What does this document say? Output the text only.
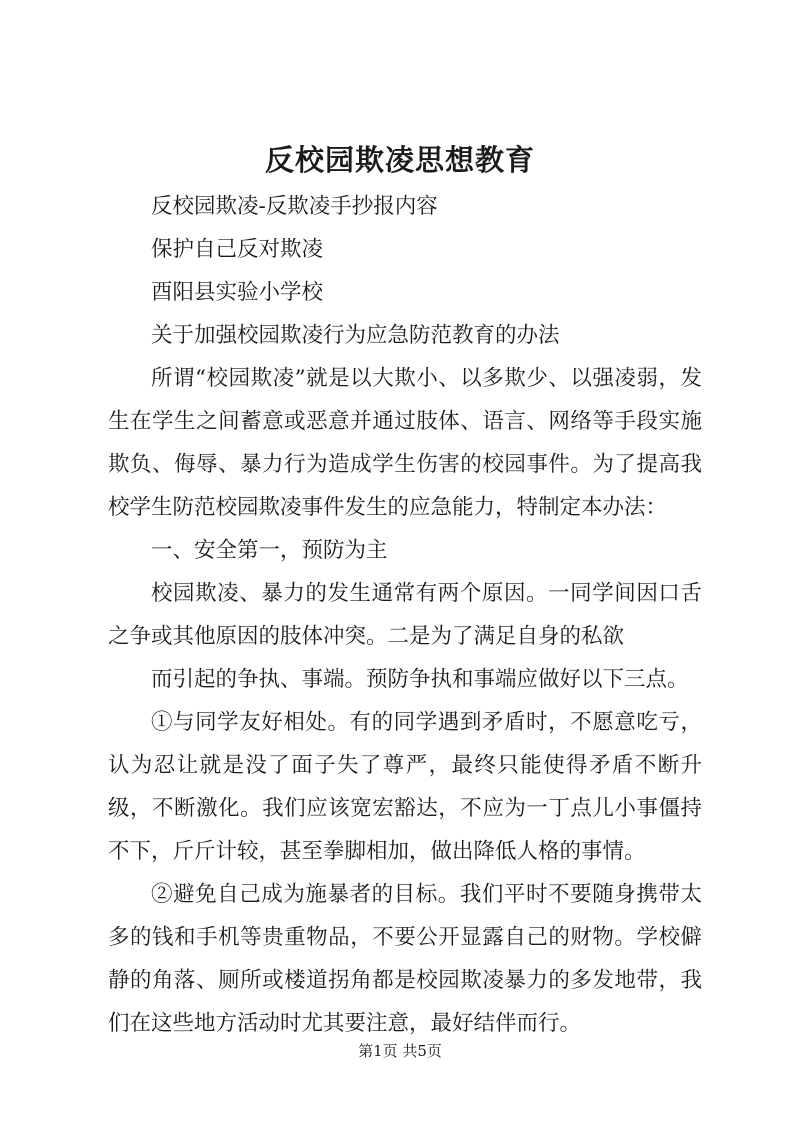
反校园欺凌思想教育

反校园欺凌-反欺凌手抄报内容

保护自己反对欺凌

酉阳县实验小学校

关于加强校园欺凌行为应急防范教育的办法

所谓“校园欺凌”就是以大欺小、以多欺少、以强凌弱，发生在学生之间蓄意或恶意并通过肢体、语言、网络等手段实施欺负、侮辱、暴力行为造成学生伤害的校园事件。为了提高我校学生防范校园欺凌事件发生的应急能力，特制定本办法：

一、安全第一，预防为主

校园欺凌、暴力的发生通常有两个原因。一同学间因口舌之争或其他原因的肢体冲突。二是为了满足自身的私欲

而引起的争执、事端。预防争执和事端应做好以下三点。

①与同学友好相处。有的同学遇到矛盾时，不愿意吃亏，认为忍让就是没了面子失了尊严，最终只能使得矛盾不断升级，不断激化。我们应该宽宏豁达，不应为一丁点儿小事僵持不下，斤斤计较，甚至拳脚相加，做出降低人格的事情。

②避免自己成为施暴者的目标。我们平时不要随身携带太多的钱和手机等贵重物品，不要公开显露自己的财物。学校僻静的角落、厕所或楼道拐角都是校园欺凌暴力的多发地带，我们在这些地方活动时尤其要注意，最好结伴而行。

第1页 共5页
